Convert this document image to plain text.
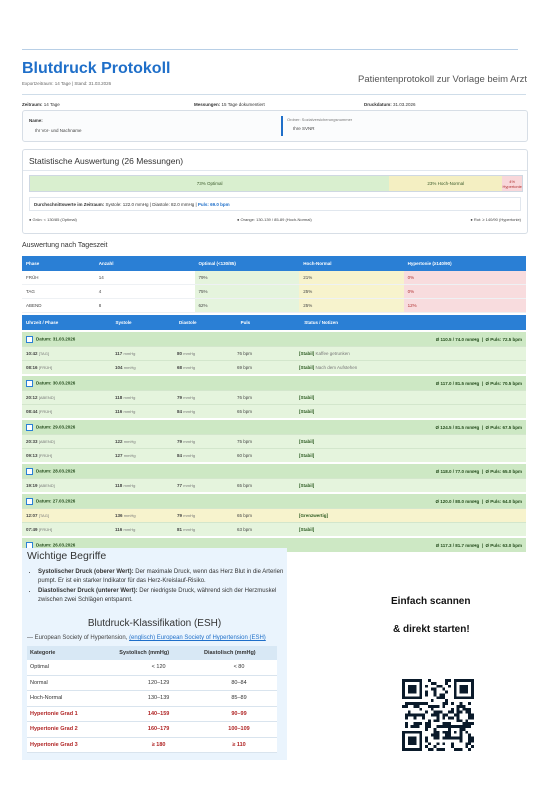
Blutdruck Protokoll
Exportzeitraum: 14 Tage | Stand: 31.03.2026	Patientenprotokoll zur Vorlage beim Arzt
Zeitraum: 14 Tage	Messungen: 15 Tage dokumentiert	Druckdatum: 31.03.2026
Name:
Ihr Vor- und Nachname
Ordner: Sozialversicherungsnummer
Ihre SVNR
Statistische Auswertung (26 Messungen)
73% Optimal	23% Hoch-Normal	4% Hypertonie
Durchschnittswerte im Zeitraum: Systole: 122.0 mmHg | Diastole: 82.0 mmHg | Puls: 69.0 bpm
● Grün: < 130/85 (Optimal)	● Orange: 130-139 / 85-89 (Hoch-Normal)	● Rot: ≥ 140/90 (Hypertonie)
Auswertung nach Tageszeit
Phase	Anzahl	Optimal (<130/85)	Hoch-Normal	Hypertonie (≥140/90)
FRÜH	14	79%	21%	0%
TAG	4	75%	25%	0%
ABEND	8	62%	25%	12%
Uhrzeit / Phase	Systole	Diastole	Puls	Status / Notizen
Datum: 31.03.2026	Ø 110.5 / 74.0 mmHg  |  Ø Puls: 72.5 bpm
10:42 [TAG]	117 mmHg	80 mmHg	76 bpm	[Stabil] Kaffee getrunken
08:16 [FRÜH]	104 mmHg	68 mmHg	69 bpm	[Stabil] Nach dem Aufstehen
Datum: 30.03.2026	Ø 117.0 / 81.5 mmHg  |  Ø Puls: 70.5 bpm
20:12 [ABEND]	118 mmHg	79 mmHg	76 bpm	[Stabil]
08:44 [FRÜH]	116 mmHg	84 mmHg	65 bpm	[Stabil]
Datum: 29.03.2026	Ø 124.5 / 81.5 mmHg  |  Ø Puls: 67.5 bpm
20:33 [ABEND]	122 mmHg	79 mmHg	75 bpm	[Stabil]
09:13 [FRÜH]	127 mmHg	84 mmHg	60 bpm	[Stabil]
Datum: 28.03.2026	Ø 118.0 / 77.0 mmHg  |  Ø Puls: 65.0 bpm
19:19 [ABEND]	118 mmHg	77 mmHg	65 bpm	[Stabil]
Datum: 27.03.2026	Ø 120.0 / 80.0 mmHg  |  Ø Puls: 64.0 bpm
12:07 [TAG]	136 mmHg	79 mmHg	65 bpm	[Grenzwertig]
07:49 [FRÜH]	116 mmHg	81 mmHg	63 bpm	[Stabil]
Datum: 26.03.2026	Ø 117.3 / 81.7 mmHg  |  Ø Puls: 63.0 bpm
Wichtige Begriffe
• Systolischer Druck (oberer Wert): Der maximale Druck, wenn das Herz Blut in die Arterien pumpt. Er ist ein starker Indikator für das Herz-Kreislauf-Risiko.
• Diastolischer Druck (unterer Wert): Der niedrigste Druck, während sich der Herzmuskel zwischen zwei Schlägen entspannt.
Blutdruck-Klassifikation (ESH)
— European Society of Hypertension, (englisch) European Society of Hypertension (ESH)
Kategorie	Systolisch (mmHg)	Diastolisch (mmHg)
Optimal	< 120	< 80
Normal	120–129	80–84
Hoch-Normal	130–139	85–89
Hypertonie Grad 1	140–159	90–99
Hypertonie Grad 2	160–179	100–109
Hypertonie Grad 3	≥ 180	≥ 110
Einfach scannen
& direkt starten!
